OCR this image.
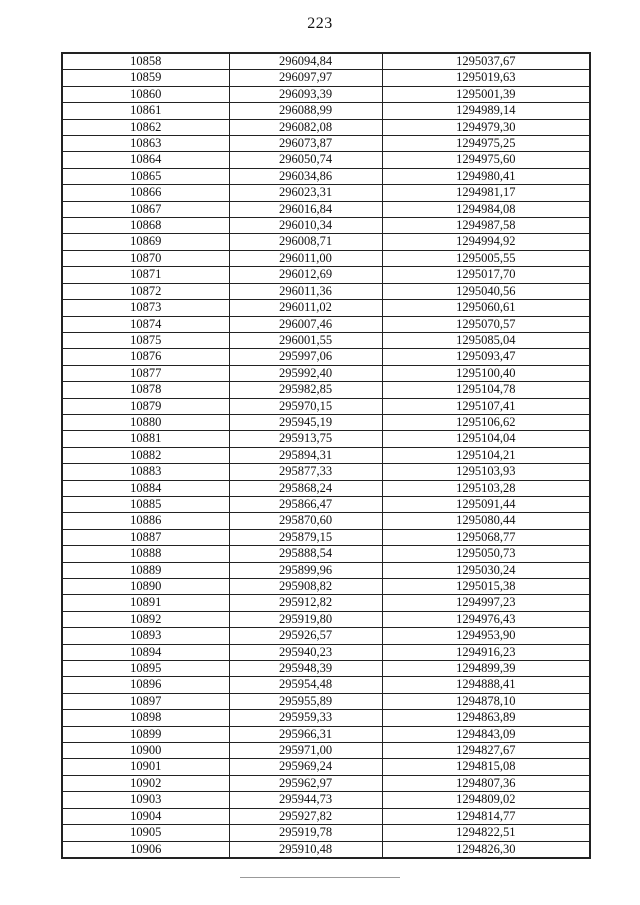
223
10858	296094,84	1295037,67
10859	296097,97	1295019,63
10860	296093,39	1295001,39
10861	296088,99	1294989,14
10862	296082,08	1294979,30
10863	296073,87	1294975,25
10864	296050,74	1294975,60
10865	296034,86	1294980,41
10866	296023,31	1294981,17
10867	296016,84	1294984,08
10868	296010,34	1294987,58
10869	296008,71	1294994,92
10870	296011,00	1295005,55
10871	296012,69	1295017,70
10872	296011,36	1295040,56
10873	296011,02	1295060,61
10874	296007,46	1295070,57
10875	296001,55	1295085,04
10876	295997,06	1295093,47
10877	295992,40	1295100,40
10878	295982,85	1295104,78
10879	295970,15	1295107,41
10880	295945,19	1295106,62
10881	295913,75	1295104,04
10882	295894,31	1295104,21
10883	295877,33	1295103,93
10884	295868,24	1295103,28
10885	295866,47	1295091,44
10886	295870,60	1295080,44
10887	295879,15	1295068,77
10888	295888,54	1295050,73
10889	295899,96	1295030,24
10890	295908,82	1295015,38
10891	295912,82	1294997,23
10892	295919,80	1294976,43
10893	295926,57	1294953,90
10894	295940,23	1294916,23
10895	295948,39	1294899,39
10896	295954,48	1294888,41
10897	295955,89	1294878,10
10898	295959,33	1294863,89
10899	295966,31	1294843,09
10900	295971,00	1294827,67
10901	295969,24	1294815,08
10902	295962,97	1294807,36
10903	295944,73	1294809,02
10904	295927,82	1294814,77
10905	295919,78	1294822,51
10906	295910,48	1294826,30
